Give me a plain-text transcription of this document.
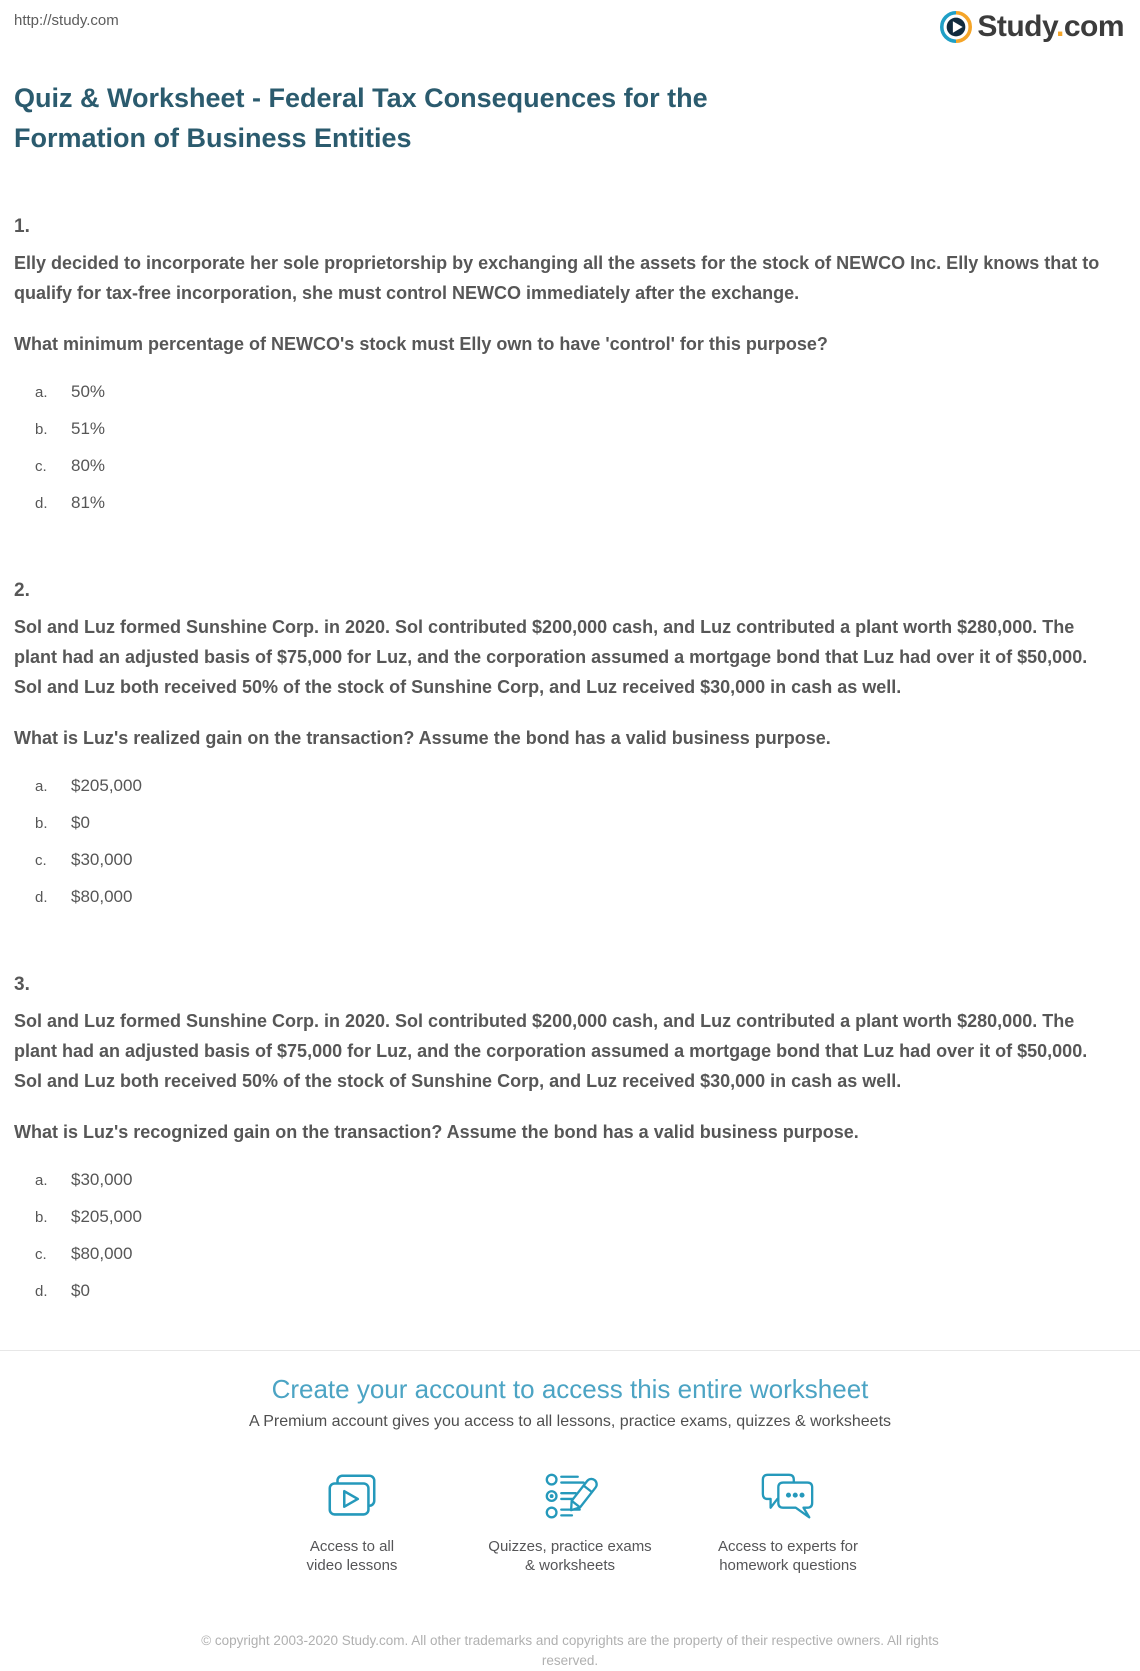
http://study.com	Study.com
Quiz & Worksheet - Federal Tax Consequences for the
Formation of Business Entities
1.

Elly decided to incorporate her sole proprietorship by exchanging all the assets for the stock of NEWCO Inc. Elly knows that to qualify for tax-free incorporation, she must control NEWCO immediately after the exchange.

What minimum percentage of NEWCO's stock must Elly own to have 'control' for this purpose?

a.	50%
b.	51%
c.	80%
d.	81%
2.

Sol and Luz formed Sunshine Corp. in 2020. Sol contributed $200,000 cash, and Luz contributed a plant worth $280,000. The plant had an adjusted basis of $75,000 for Luz, and the corporation assumed a mortgage bond that Luz had over it of $50,000. Sol and Luz both received 50% of the stock of Sunshine Corp, and Luz received $30,000 in cash as well.

What is Luz's realized gain on the transaction? Assume the bond has a valid business purpose.

a.	$205,000
b.	$0
c.	$30,000
d.	$80,000
3.

Sol and Luz formed Sunshine Corp. in 2020. Sol contributed $200,000 cash, and Luz contributed a plant worth $280,000. The plant had an adjusted basis of $75,000 for Luz, and the corporation assumed a mortgage bond that Luz had over it of $50,000. Sol and Luz both received 50% of the stock of Sunshine Corp, and Luz received $30,000 in cash as well.

What is Luz's recognized gain on the transaction? Assume the bond has a valid business purpose.

a.	$30,000
b.	$205,000
c.	$80,000
d.	$0
Create your account to access this entire worksheet
A Premium account gives you access to all lessons, practice exams, quizzes & worksheets
Access to all
video lessons
Quizzes, practice exams
& worksheets
Access to experts for
homework questions
© copyright 2003-2020 Study.com. All other trademarks and copyrights are the property of their respective owners. All rights reserved.
